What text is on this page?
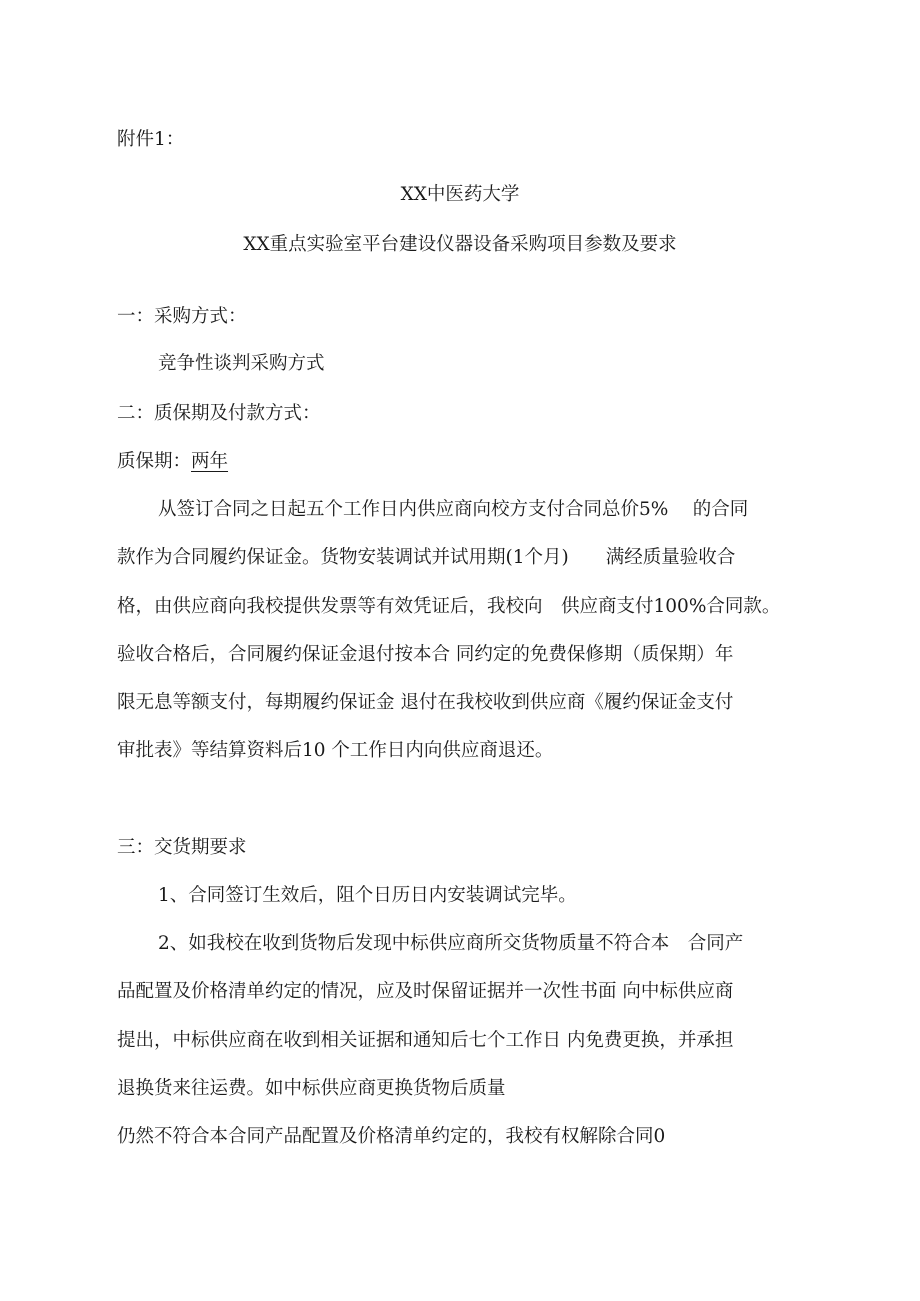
附件1：
XX中医药大学
XX重点实验室平台建设仪器设备采购项目参数及要求
一：采购方式：
竞争性谈判采购方式
二：质保期及付款方式：
质保期：两年
从签订合同之日起五个工作日内供应商向校方支付合同总价5%　 的合同
款作为合同履约保证金。货物安装调试并试用期(1个月)　　满经质量验收合
格，由供应商向我校提供发票等有效凭证后，我校向　供应商支付100%合同款。
验收合格后，合同履约保证金退付按本合 同约定的免费保修期（质保期）年
限无息等额支付，每期履约保证金 退付在我校收到供应商《履约保证金支付
审批表》等结算资料后10 个工作日内向供应商退还。
三：交货期要求
1、合同签订生效后，阻个日历日内安装调试完毕。
2、如我校在收到货物后发现中标供应商所交货物质量不符合本　合同产
品配置及价格清单约定的情况，应及时保留证据并一次性书面 向中标供应商
提出，中标供应商在收到相关证据和通知后七个工作日 内免费更换，并承担
退换货来往运费。如中标供应商更换货物后质量
仍然不符合本合同产品配置及价格清单约定的，我校有权解除合同0
